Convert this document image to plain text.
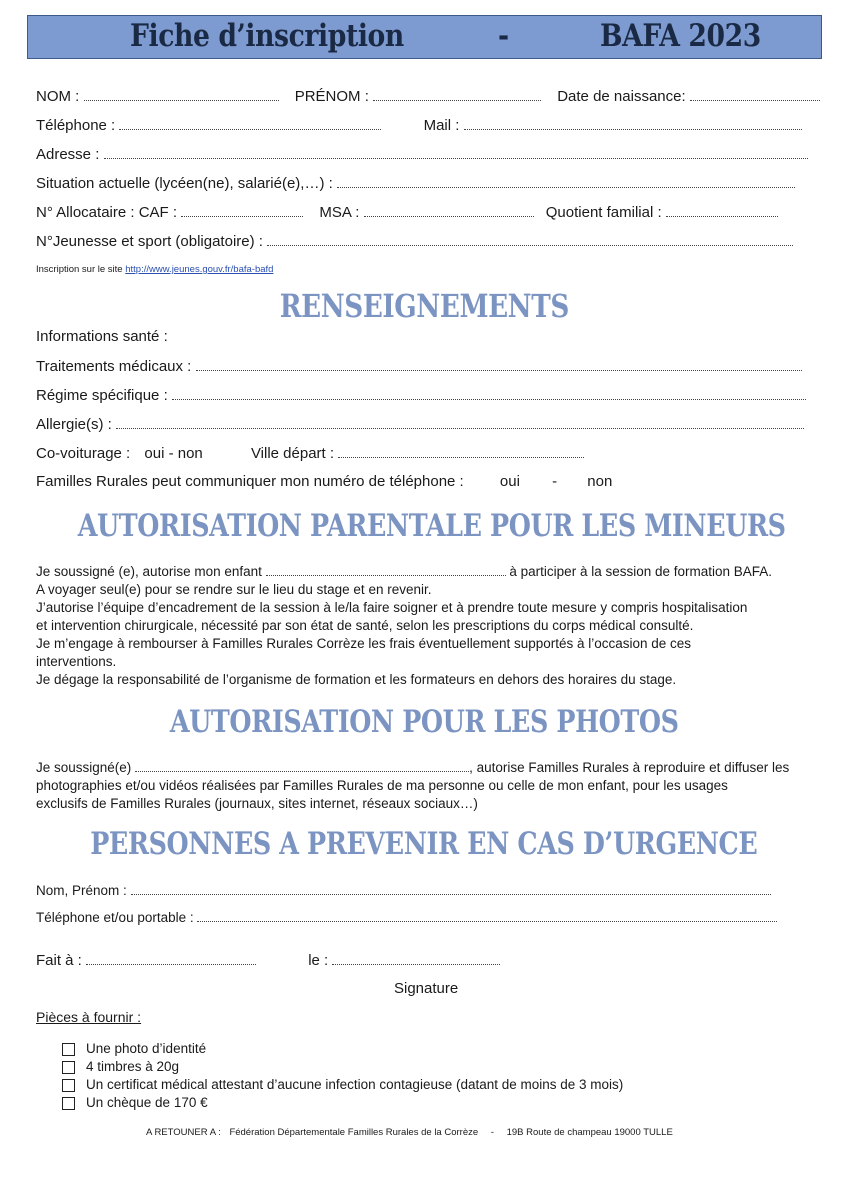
Fiche d’inscription	-	BAFA 2023
NOM :	PRÉNOM :	Date de naissance:
Téléphone :	Mail :
Adresse :
Situation actuelle (lycéen(ne), salarié(e),…) :
N° Allocataire : CAF :	MSA :	Quotient familial :
N°Jeunesse et sport (obligatoire) :
Inscription sur le site http://www.jeunes.gouv.fr/bafa-bafd
RENSEIGNEMENTS
Informations santé :
Traitements médicaux :
Régime spécifique :
Allergie(s) :
Co-voiturage : oui - non	Ville départ :
Familles Rurales peut communiquer mon numéro de téléphone : oui - non
AUTORISATION PARENTALE POUR LES MINEURS
Je soussigné (e), autorise mon enfant	à participer à la session de formation BAFA.
A voyager seul(e) pour se rendre sur le lieu du stage et en revenir.
J’autorise l’équipe d’encadrement de la session à le/la faire soigner et à prendre toute mesure y compris hospitalisation
et intervention chirurgicale, nécessité par son état de santé, selon les prescriptions du corps médical consulté.
Je m’engage à rembourser à Familles Rurales Corrèze les frais éventuellement supportés à l’occasion de ces
interventions.
Je dégage la responsabilité de l’organisme de formation et les formateurs en dehors des horaires du stage.
AUTORISATION POUR LES PHOTOS
Je soussigné(e)	, autorise Familles Rurales à reproduire et diffuser les
photographies et/ou vidéos réalisées par Familles Rurales de ma personne ou celle de mon enfant, pour les usages
exclusifs de Familles Rurales (journaux, sites internet, réseaux sociaux…)
PERSONNES A PREVENIR EN CAS D’URGENCE
Nom, Prénom :
Téléphone et/ou portable :
Fait à :	le :
Signature
Pièces à fournir :
Une photo d’identité
4 timbres à 20g
Un certificat médical attestant d’aucune infection contagieuse (datant de moins de 3 mois)
Un chèque de 170 €
A RETOUNER A : Fédération Départementale Familles Rurales de la Corrèze - 19B Route de champeau 19000 TULLE
